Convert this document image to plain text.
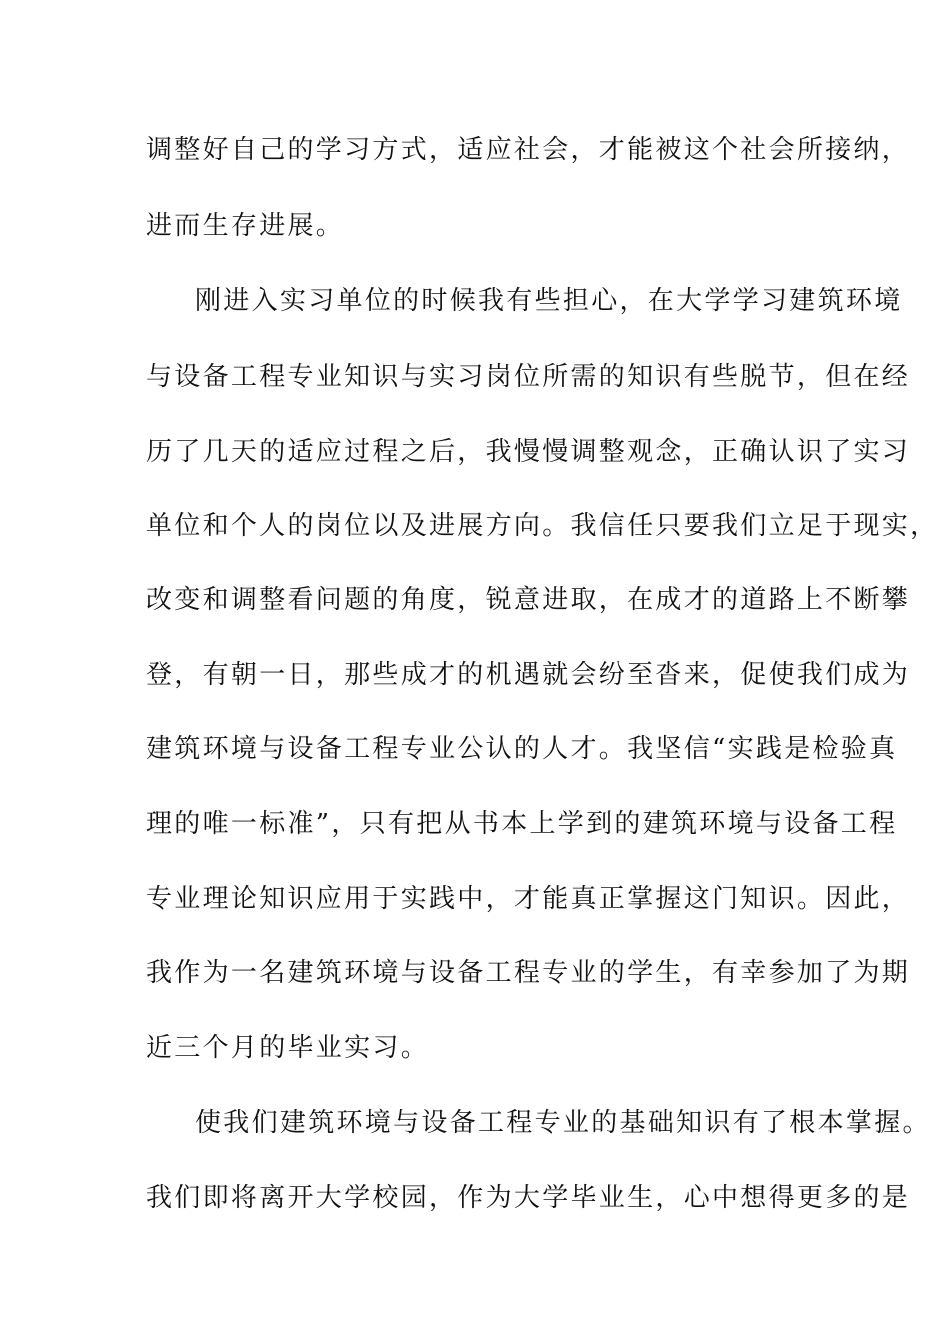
调整好自己的学习方式，适应社会，才能被这个社会所接纳，
进而生存进展。
刚进入实习单位的时候我有些担心，在大学学习建筑环境
与设备工程专业知识与实习岗位所需的知识有些脱节，但在经
历了几天的适应过程之后，我慢慢调整观念，正确认识了实习
单位和个人的岗位以及进展方向。我信任只要我们立足于现实，
改变和调整看问题的角度，锐意进取，在成才的道路上不断攀
登，有朝一日，那些成才的机遇就会纷至沓来，促使我们成为
建筑环境与设备工程专业公认的人才。我坚信“实践是检验真
理的唯一标准”，只有把从书本上学到的建筑环境与设备工程
专业理论知识应用于实践中，才能真正掌握这门知识。因此，
我作为一名建筑环境与设备工程专业的学生，有幸参加了为期
近三个月的毕业实习。
使我们建筑环境与设备工程专业的基础知识有了根本掌握。
我们即将离开大学校园，作为大学毕业生，心中想得更多的是
